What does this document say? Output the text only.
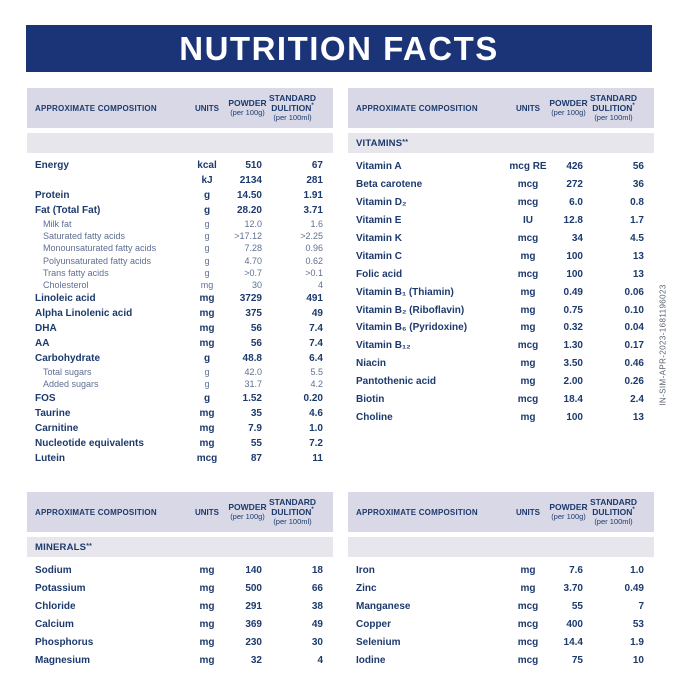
NUTRITION FACTS
APPROXIMATE COMPOSITION	UNITS
POWDER
(per 100g)
STANDARD
DULITION*
(per 100ml)
Energy	kcal	510	67
kJ	2134	281
Protein	g	14.50	1.91
Fat (Total Fat)	g	28.20	3.71
Milk fat	g	12.0	1.6
Saturated fatty acids	g	>17.12	>2.25
Monounsaturated fatty acids	g	7.28	0.96
Polyunsaturated fatty acids	g	4.70	0.62
Trans fatty acids	g	>0.7	>0.1
Cholesterol	mg	30	4
Linoleic acid	mg	3729	491
Alpha Linolenic acid	mg	375	49
DHA	mg	56	7.4
AA	mg	56	7.4
Carbohydrate	g	48.8	6.4
Total sugars	g	42.0	5.5
Added sugars	g	31.7	4.2
FOS	g	1.52	0.20
Taurine	mg	35	4.6
Carnitine	mg	7.9	1.0
Nucleotide equivalents	mg	55	7.2
Lutein	mcg	87	11
APPROXIMATE COMPOSITION	UNITS
POWDER
(per 100g)
STANDARD
DULITION*
(per 100ml)
VITAMINS **
Vitamin A	mcg RE 426	56
Beta carotene	mcg	272	36
Vitamin D₂	mcg	6.0	0.8
Vitamin E	IU	12.8	1.7
Vitamin K	mcg	34	4.5
Vitamin C	mg	100	13
Folic acid	mcg	100	13
Vitamin B₁ (Thiamin)	mg	0.49	0.06
Vitamin B₂ (Riboflavin)	mg	0.75	0.10
Vitamin B₆ (Pyridoxine)	mg	0.32	0.04
Vitamin B₁₂	mcg	1.30	0.17
Niacin	mg	3.50	0.46
Pantothenic acid	mg	2.00	0.26
Biotin	mcg	18.4	2.4
Choline	mg	100	13
APPROXIMATE COMPOSITION	UNITS
POWDER
(per 100g)
STANDARD
DULITION*
(per 100ml)
MINERALS **
Sodium	mg	140	18
Potassium	mg	500	66
Chloride	mg	291	38
Calcium	mg	369	49
Phosphorus	mg	230	30
Magnesium	mg	32	4
APPROXIMATE COMPOSITION	UNITS
POWDER
(per 100g)
STANDARD
DULITION*
(per 100ml)
Iron	mg	7.6	1.0
Zinc	mg	3.70	0.49
Manganese	mcg	55	7
Copper	mcg	400	53
Selenium	mcg	14.4	1.9
Iodine	mcg	75	10
IN-SIM-APR-2023-1681196023
